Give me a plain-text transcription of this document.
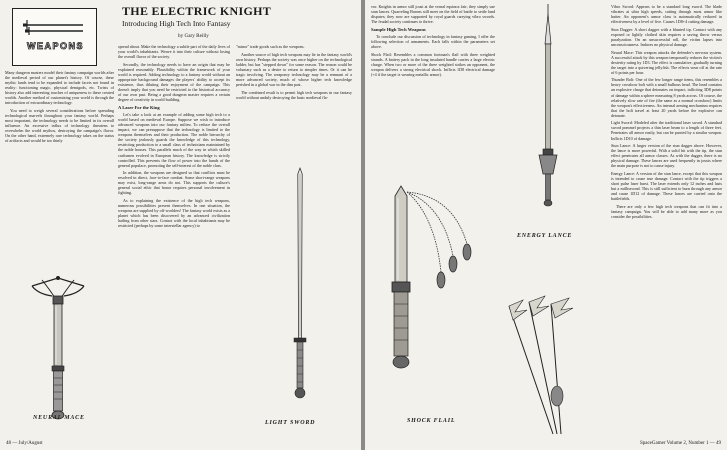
WEAPONS
THE ELECTRIC KNIGHT
Introducing High Tech Into Fantasy
by Gary Reilly

Many dungeon masters model their fantasy campaign worlds after the medieval period of our planet's history. Of course, these mythic lands tend to be expanded to include facets not found in reality: functioning magic, physical demigods, etc. Twists of history also add interesting touches of uniqueness to these created worlds. Another method of customizing your world is through the introduction of extraordinary technology.

You need to weigh several considerations before spreading technological marvels throughout your fantasy world. Perhaps most important, the technology needs to be limited in its overall influence. An excessive influx of technology threatens to overwhelm the world mythos, destroying the campaign's flavor. On the other hand, extremely rare technology takes on the status of artifacts and would be too thinly

NEURAL MACE

spread about. Make the technology a subtle part of the daily lives of your world's inhabitants. Weave it into their culture without losing the overall flavor of the society.

Secondly, the technology needs to have an origin that may be explained reasonably. Plausibility within the framework of your world is required. Adding technology to a fantasy world without an appropriate background damages the players' ability to accept its existence, thus diluting their enjoyment of the campaign. This doesn't imply that you need be restricted to the historical accuracy of our own past. Being a good dungeon master requires a certain degree of creativity in world building.

A Laser For the King

Let's take a look at an example of adding some high tech to a world based on medieval Europe. Suppose we wish to introduce advanced weapons into our fantasy milieu. To reduce the overall impact, we can presuppose that the technology is limited to the weapons themselves and their production. The noble hierarchy of the society jealously guards the knowledge of this technology, restricting production to a small class of technicians maintained by the noble houses. This parallels much of the way in which skilled craftsmen evolved in European history. The knowledge is strictly controlled. This prevents the flow of power into the hands of the general populace, promoting the self-interest of the noble class.

In addition, the weapons are designed so that conflicts must be resolved in direct, face-to-face combat. Some short-range weapons may exist, long-range arms do not. This supports the culture's general social ethic that honor requires personal involvement in fighting.

As to explaining the existence of the high tech weapons, numerous possibilities present themselves. In one situation, the weapons are supplied by off-worlders! The fantasy world exists as a planet which has been discovered by an advanced civilization hailing from other stars. Contact with the local inhabitants may be restricted (perhaps by some interstellar agency) to

"minor" trade goods such as the weapons.

Another source of high tech weapons may lie in the fantasy world's own history. Perhaps the society was once higher on the technological ladder, but has "stepped down" for some reason. The reason could be voluntary such as a desire to return to simpler times. Or it can be tragic involving. The weaponry technology may be a remnant of a more advanced society, much of whose higher tech knowledge perished in a global war in the dim past.

The combined result is to permit high tech weapons in our fantasy world without unduly destroying the basic medieval fla-

LIGHT SWORD
48 — July/August

vor. Knights in armor still joust at the vernal equinox fair; they simply use stun lances. Quarreling Barons still meet on the field of battle to settle land disputes; they now are supported by royal guards carrying vibro swords. The feudal society continues to thrive.

Sample High Tech Weapons

To conclude our discussion of technology in fantasy gaming, I offer the following selection of armaments. Each falls within the parameters set above.

Shock Flail: Resembles a common footman's flail with three weighted strands. A battery pack in the long insulated handle carries a large electric charge. When two or more of the three weighted strikes an opponent, the weapon delivers a strong electrical shock. Inflicts 1D8 electrical damage (+4 if the target is wearing metallic armor).

SHOCK FLAIL
ENERGY LANCE

Vibro Sword: Appears to be a standard long sword. The blade vibrates at ultra high speeds, cutting through most armor like butter. An opponent's armor class is automatically reduced in effectiveness by a level of five. Causes 1D8+4 cutting damage.

Stun Dagger: A short dagger with a blunted tip. Contact with any exposed or lightly clothed skin requires a saving throw versus paralyzation. On an unsuccessful roll, the victim lapses into unconsciousness. Induces no physical damage.

Neural Mace: This weapon attacks the defender's nervous system. A successful attack by this weapon temporarily reduces the victim's dexterity rating by 1D3. The effect is cumulative, gradually turning the target into a quivering jellyfish. The effects wear off at the rate of 6 points per hour.

Thunder Bolt: One of the few longer range items, this resembles a heavy crossbow bolt with a small bulbous head. The head contains an explosive charge that detonates on impact, inflicting 3D8 points of damage within a sphere measuring 8 yards across. Of course, the relatively slow rate of fire (the same as a normal crossbow) limits the weapon's effectiveness. An internal arming mechanism requires that the bolt travel at least 20 yards before the explosive can detonate.

Light Sword: Modeled after the traditional laser sword. A standard sword pommel projects a thin laser beam to a length of three feet. Penetrates all armor easily, but can be parried by a similar weapon. Inflicts 1D10 of damage.

Stun Lance: A larger version of the stun dagger above. However, the lance is more powerful. With a solid hit with the tip, the stun effect penetrates all armor classes. As with the dagger, there is no physical damage. These lances are used frequently in jousts where the main purpose is not to cause injury.

Energy Lance: A version of the stun lance, except that this weapon is intended to cause true damage. Contact with the tip triggers a short pulse laser burst. The laser extends only 12 inches and lasts but a millisecond. This is still sufficient to burn through any armor and cause 1D12 of damage. These lances are carried onto the battlefields.

There are only a few high tech weapons that can fit into a fantasy campaign. You will be able to add many more as you consider the possibilities.

SpaceGamer Volume 2, Number 1 — 49
